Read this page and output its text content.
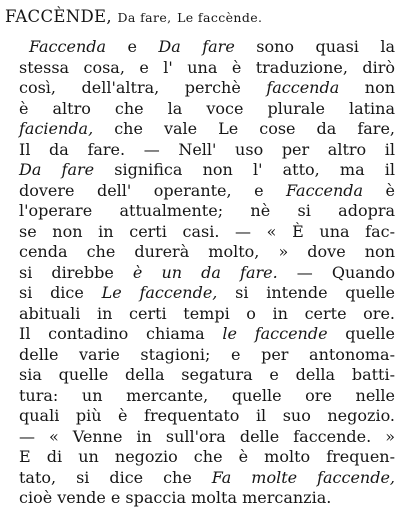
FACCÈNDE, Da fare, Le faccènde.
Faccenda e Da fare sono quasi la
stessa cosa, e l' una è traduzione, dirò
così, dell'altra, perchè faccenda non
è altro che la voce plurale latina
facienda, che vale Le cose da fare,
Il da fare. — Nell' uso per altro il
Da fare significa non l' atto, ma il
dovere dell' operante, e Faccenda è
l'operare attualmente; nè si adopra
se non in certi casi. — « È una fac-
cenda che durerà molto, » dove non
si direbbe è un da fare. — Quando
si dice Le faccende, si intende quelle
abituali in certi tempi o in certe ore.
Il contadino chiama le faccende quelle
delle varie stagioni; e per antonoma-
sia quelle della segatura e della batti-
tura: un mercante, quelle ore nelle
quali più è frequentato il suo negozio.
— « Venne in sull'ora delle faccende. »
E di un negozio che è molto frequen-
tato, si dice che Fa molte faccende,
cioè vende e spaccia molta mercanzia.
